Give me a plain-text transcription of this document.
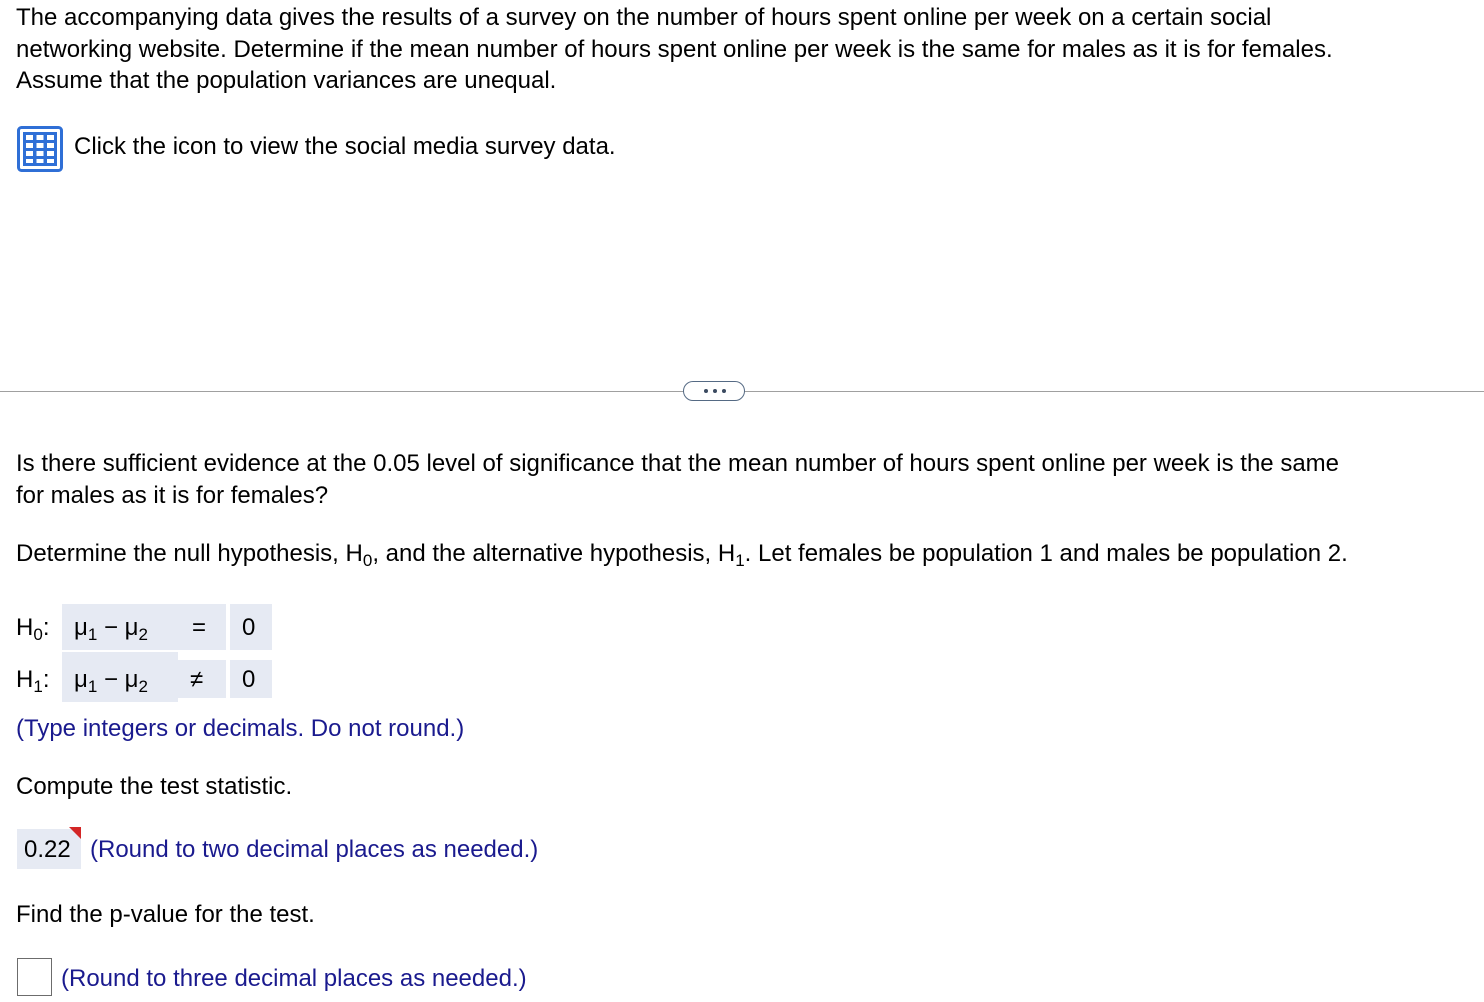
The accompanying data gives the results of a survey on the number of hours spent online per week on a certain social
networking website. Determine if the mean number of hours spent online per week is the same for males as it is for females.
Assume that the population variances are unequal.
Click the icon to view the social media survey data.
Is there sufficient evidence at the 0.05 level of significance that the mean number of hours spent online per week is the same
for males as it is for females?
Determine the null hypothesis, $H_0$, and the alternative hypothesis, $H_1$. Let females be population 1 and males be population 2.
$H_0$: $\mu_1 - \mu_2 = 0$
$H_1$: $\mu_1 - \mu_2 \ne 0$
(Type integers or decimals. Do not round.)
Compute the test statistic.
0.22 (Round to two decimal places as needed.)
Find the p-value for the test.
(Round to three decimal places as needed.)
